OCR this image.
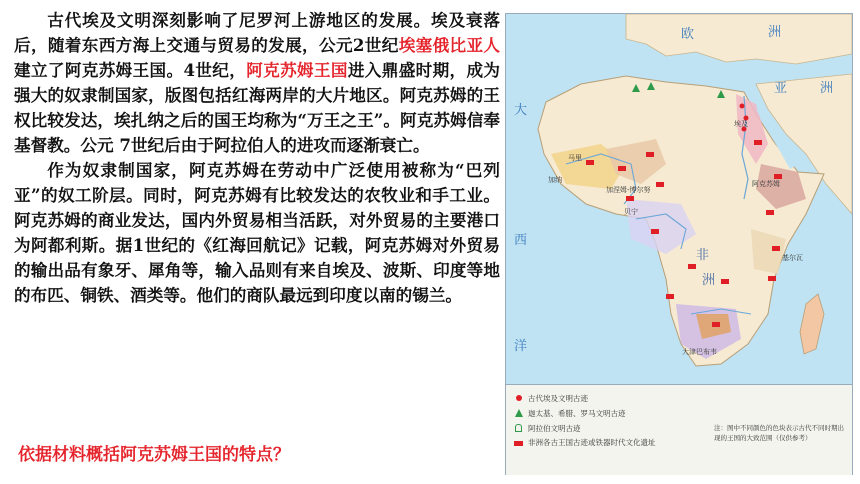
古代埃及文明深刻影响了尼罗河上游地区的发展。埃及衰落后，随着东西方海上交通与贸易的发展，公元2世纪埃塞俄比亚人建立了阿克苏姆王国。4世纪，阿克苏姆王国进入鼎盛时期，成为强大的奴隶制国家，版图包括红海两岸的大片地区。阿克苏姆的王权比较发达，埃扎纳之后的国王均称为“万王之王”。阿克苏姆信奉基督教。公元 7世纪后由于阿拉伯人的进攻而逐渐衰亡。

作为奴隶制国家，阿克苏姆在劳动中广泛使用被称为“巴列亚”的奴工阶层。同时，阿克苏姆有比较发达的农牧业和手工业。阿克苏姆的商业发达，国内外贸易相当活跃，对外贸易的主要港口为阿都利斯。据1世纪的《红海回航记》记载，阿克苏姆对外贸易的输出品有象牙、犀角等，输入品则有来自埃及、波斯、印度等地的布匹、铜铁、酒类等。他们的商队最远到印度以南的锡兰。

依据材料概括阿克苏姆王国的特点？
欧	洲
亚	洲
大
西
洋
非
洲
埃及
阿克苏姆
加纳
马里
加涅姆-博尔努
贝宁
基尔瓦
大津巴布韦
古代埃及文明古迹
迦太基、希腊、罗马文明古迹
阿拉伯文明古迹
非洲各古王国古迹或铁器时代文化遗址
注：图中不同颜色的色块表示古代不同时期出现的王国的大致范围（仅供参考）
